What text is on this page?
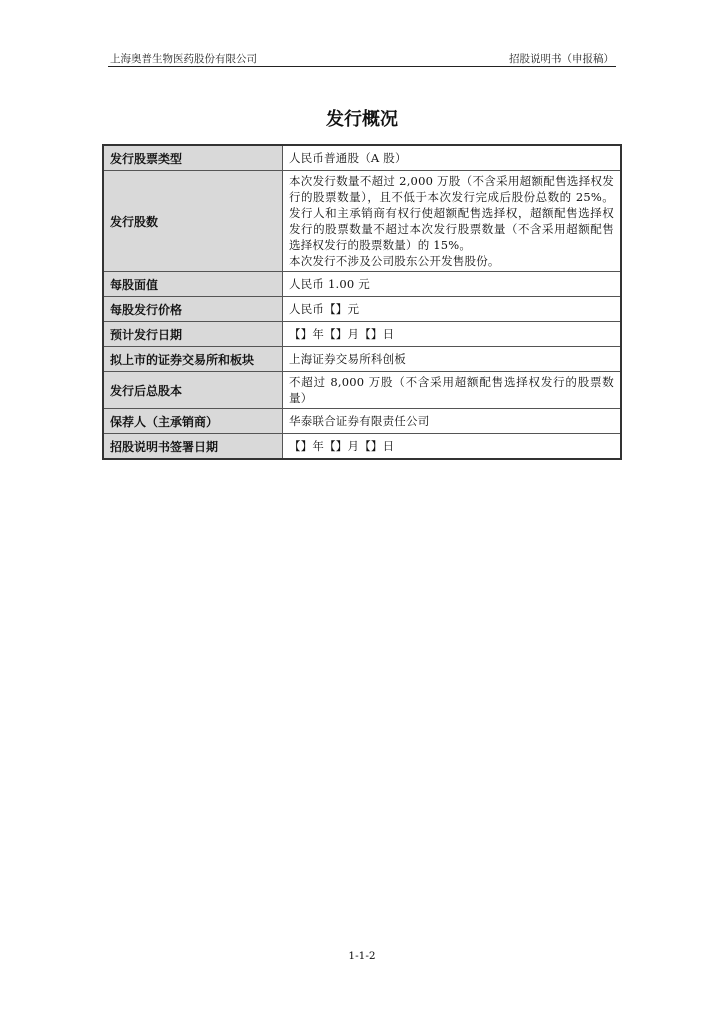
上海奥普生物医药股份有限公司	招股说明书（申报稿）
发行概况
发行股票类型	人民币普通股（A 股）

发行股数	本次发行数量不超过 2,000 万股（不含采用超额配售选择权发行的股票数量），且不低于本次发行完成后股份总数的 25%。发行人和主承销商有权行使超额配售选择权，超额配售选择权发行的股票数量不超过本次发行股票数量（不含采用超额配售选择权发行的股票数量）的 15%。

本次发行不涉及公司股东公开发售股份。

每股面值	人民币 1.00 元

每股发行价格	人民币【】元

预计发行日期	【】年【】月【】日

拟上市的证券交易所和板块	上海证券交易所科创板

发行后总股本	不超过 8,000 万股（不含采用超额配售选择权发行的股票数量）

保荐人（主承销商）	华泰联合证券有限责任公司

招股说明书签署日期	【】年【】月【】日

1-1-2
